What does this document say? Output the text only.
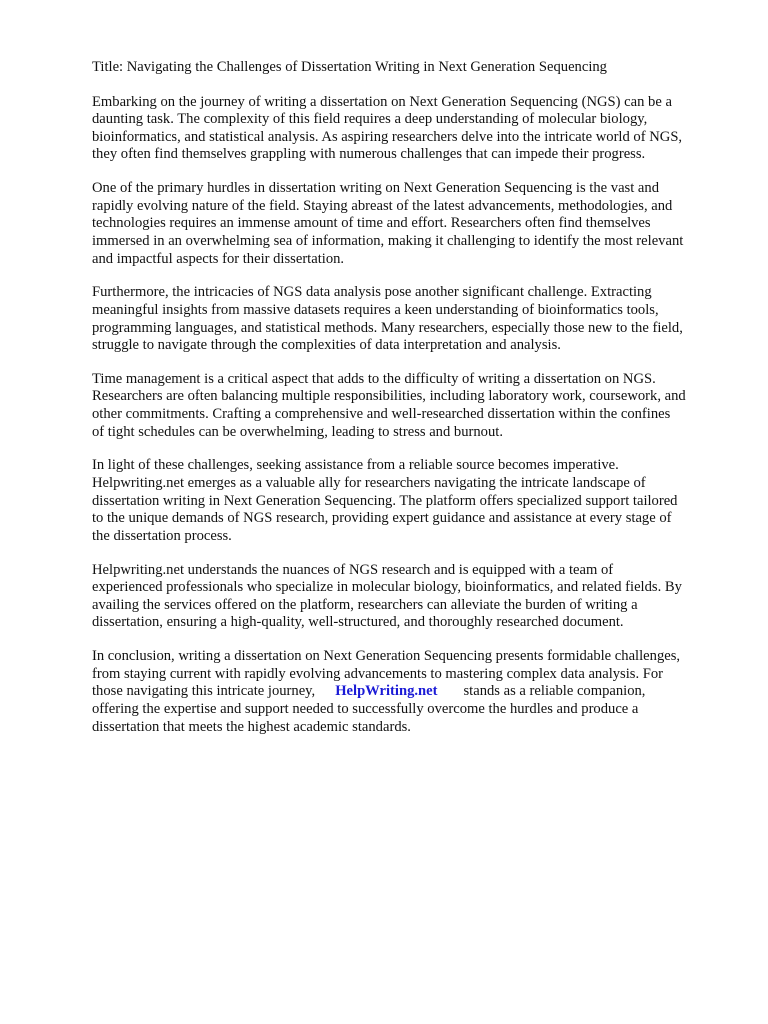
Title: Navigating the Challenges of Dissertation Writing in Next Generation Sequencing

Embarking on the journey of writing a dissertation on Next Generation Sequencing (NGS) can be a
daunting task. The complexity of this field requires a deep understanding of molecular biology,
bioinformatics, and statistical analysis. As aspiring researchers delve into the intricate world of NGS,
they often find themselves grappling with numerous challenges that can impede their progress.

One of the primary hurdles in dissertation writing on Next Generation Sequencing is the vast and
rapidly evolving nature of the field. Staying abreast of the latest advancements, methodologies, and
technologies requires an immense amount of time and effort. Researchers often find themselves
immersed in an overwhelming sea of information, making it challenging to identify the most relevant
and impactful aspects for their dissertation.

Furthermore, the intricacies of NGS data analysis pose another significant challenge. Extracting
meaningful insights from massive datasets requires a keen understanding of bioinformatics tools,
programming languages, and statistical methods. Many researchers, especially those new to the field,
struggle to navigate through the complexities of data interpretation and analysis.

Time management is a critical aspect that adds to the difficulty of writing a dissertation on NGS.
Researchers are often balancing multiple responsibilities, including laboratory work, coursework, and
other commitments. Crafting a comprehensive and well-researched dissertation within the confines
of tight schedules can be overwhelming, leading to stress and burnout.

In light of these challenges, seeking assistance from a reliable source becomes imperative.
Helpwriting.net emerges as a valuable ally for researchers navigating the intricate landscape of
dissertation writing in Next Generation Sequencing. The platform offers specialized support tailored
to the unique demands of NGS research, providing expert guidance and assistance at every stage of
the dissertation process.

Helpwriting.net understands the nuances of NGS research and is equipped with a team of
experienced professionals who specialize in molecular biology, bioinformatics, and related fields. By
availing the services offered on the platform, researchers can alleviate the burden of writing a
dissertation, ensuring a high-quality, well-structured, and thoroughly researched document.

In conclusion, writing a dissertation on Next Generation Sequencing presents formidable challenges,
from staying current with rapidly evolving advancements to mastering complex data analysis. For
those navigating this intricate journey, HelpWriting.net stands as a reliable companion,
offering the expertise and support needed to successfully overcome the hurdles and produce a
dissertation that meets the highest academic standards.
